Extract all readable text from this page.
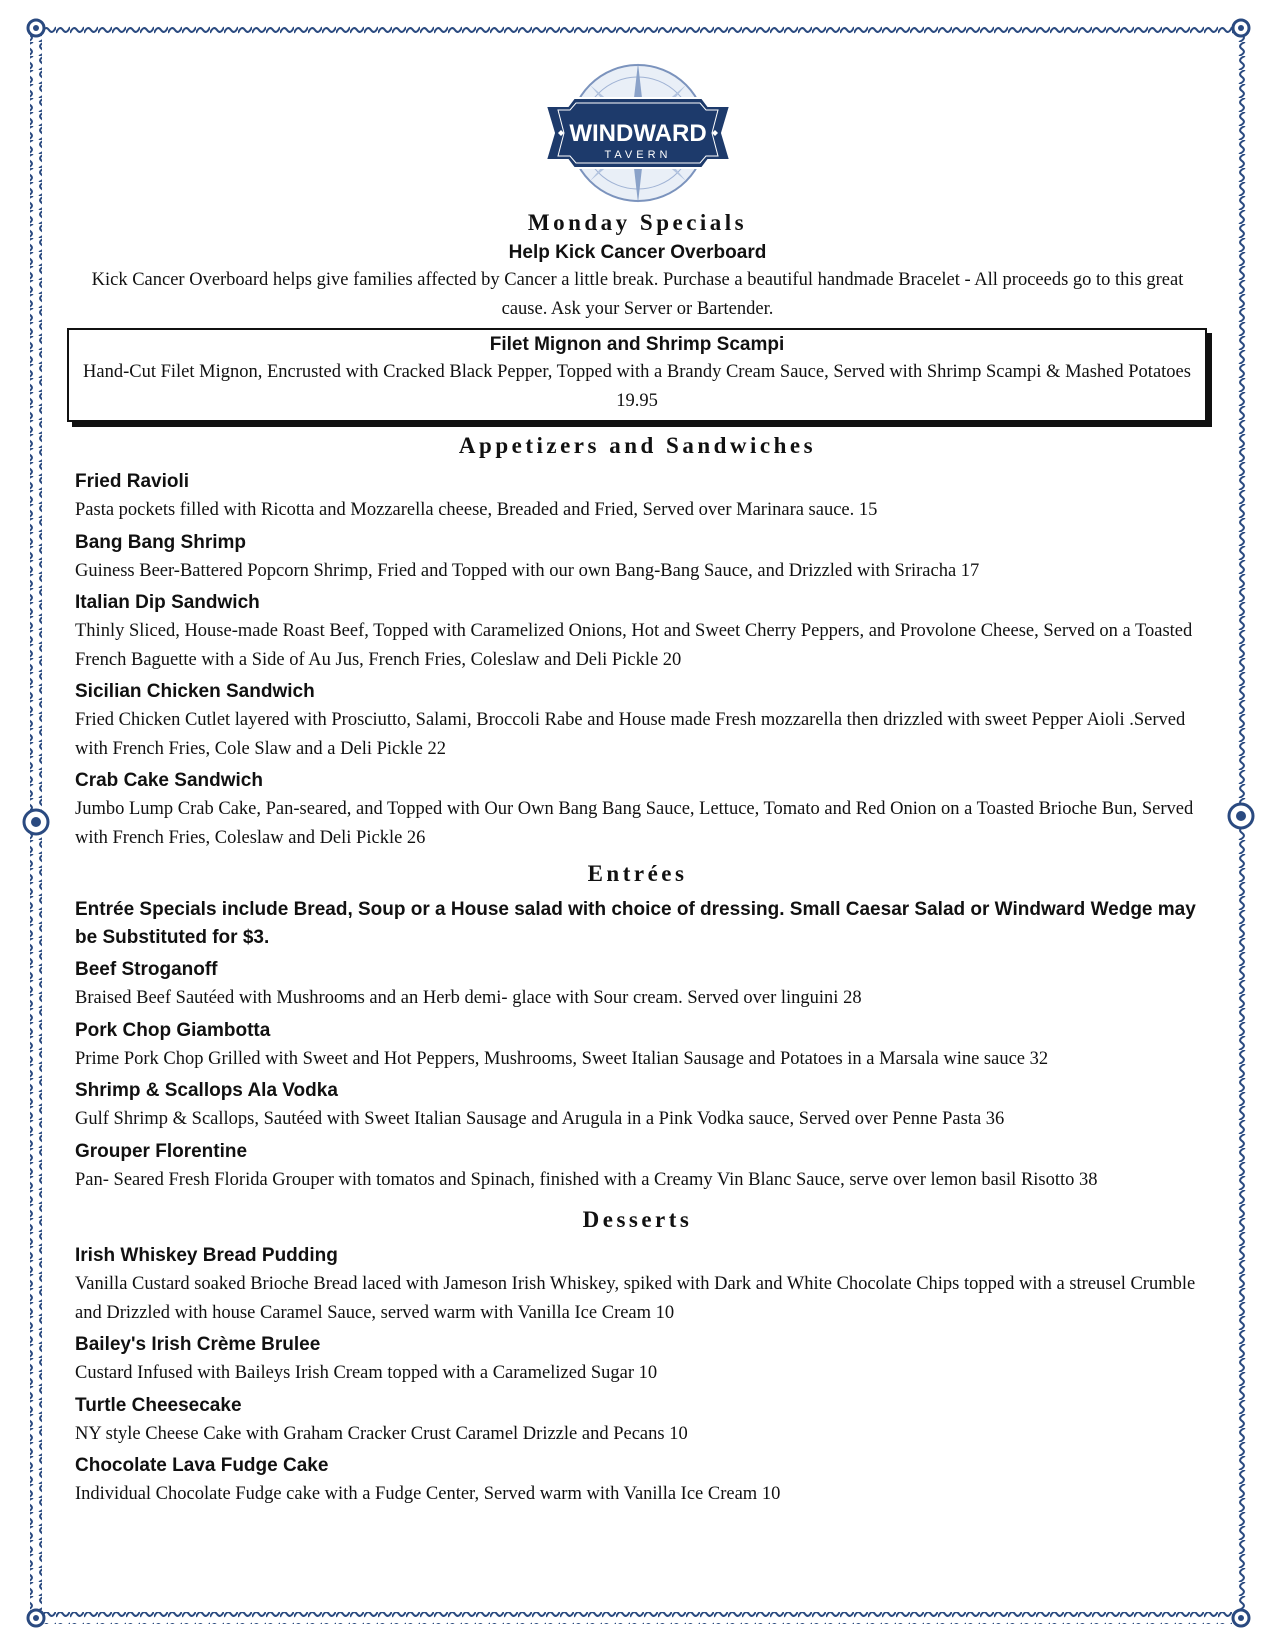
WINDWARD
TAVERN
Monday Specials
Help Kick Cancer Overboard
Kick Cancer Overboard helps give families affected by Cancer a little break. Purchase a beautiful handmade Bracelet - All proceeds go to this great cause. Ask your Server or Bartender.
Filet Mignon and Shrimp Scampi
Hand-Cut Filet Mignon, Encrusted with Cracked Black Pepper, Topped with a Brandy Cream Sauce, Served with Shrimp Scampi & Mashed Potatoes 19.95
Appetizers and Sandwiches
Fried Ravioli
Pasta pockets filled with Ricotta and Mozzarella cheese, Breaded and Fried, Served over Marinara sauce. 15
Bang Bang Shrimp
Guiness Beer-Battered Popcorn Shrimp, Fried and Topped with our own Bang-Bang Sauce, and Drizzled with Sriracha 17
Italian Dip Sandwich
Thinly Sliced, House-made Roast Beef, Topped with Caramelized Onions, Hot and Sweet Cherry Peppers, and Provolone Cheese, Served on a Toasted French Baguette with a Side of Au Jus, French Fries, Coleslaw and Deli Pickle 20
Sicilian Chicken Sandwich
Fried Chicken Cutlet layered with Prosciutto, Salami, Broccoli Rabe and House made Fresh mozzarella then drizzled with sweet Pepper Aioli .Served with French Fries, Cole Slaw and a Deli Pickle 22
Crab Cake Sandwich
Jumbo Lump Crab Cake, Pan-seared, and Topped with Our Own Bang Bang Sauce, Lettuce, Tomato and Red Onion on a Toasted Brioche Bun, Served with French Fries, Coleslaw and Deli Pickle 26
Entrées
Entrée Specials include Bread, Soup or a House salad with choice of dressing. Small Caesar Salad or Windward Wedge may be Substituted for $3.
Beef Stroganoff
Braised Beef Sautéed with Mushrooms and an Herb demi- glace with Sour cream. Served over linguini 28
Pork Chop Giambotta
Prime Pork Chop Grilled with Sweet and Hot Peppers, Mushrooms, Sweet Italian Sausage and Potatoes in a Marsala wine sauce 32
Shrimp & Scallops Ala Vodka
Gulf Shrimp & Scallops, Sautéed with Sweet Italian Sausage and Arugula in a Pink Vodka sauce, Served over Penne Pasta 36
Grouper Florentine
Pan- Seared Fresh Florida Grouper with tomatos and Spinach, finished with a Creamy Vin Blanc Sauce, serve over lemon basil Risotto 38
Desserts
Irish Whiskey Bread Pudding
Vanilla Custard soaked Brioche Bread laced with Jameson Irish Whiskey, spiked with Dark and White Chocolate Chips topped with a streusel Crumble and Drizzled with house Caramel Sauce, served warm with Vanilla Ice Cream 10
Bailey's Irish Crème Brulee
Custard Infused with Baileys Irish Cream topped with a Caramelized Sugar 10
Turtle Cheesecake
NY style Cheese Cake with Graham Cracker Crust Caramel Drizzle and Pecans 10
Chocolate Lava Fudge Cake
Individual Chocolate Fudge cake with a Fudge Center, Served warm with Vanilla Ice Cream 10
